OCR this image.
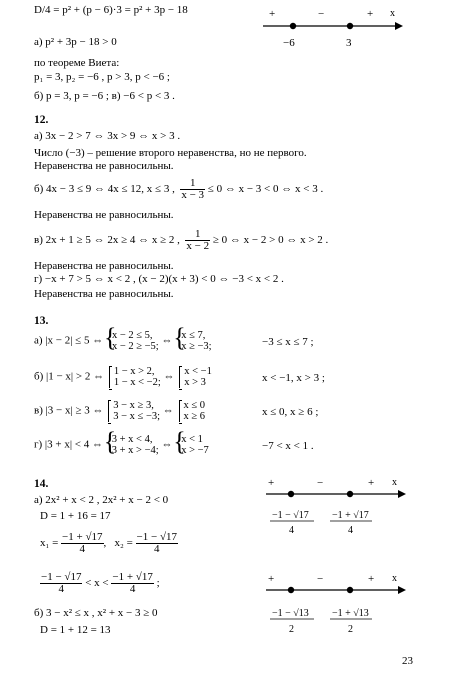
D/4 = p² + (p − 6)·3 = p² + 3p − 18
а) p² + 3p − 18 > 0
по теореме Виета:
p₁ = 3, p₂ = −6 , p > 3, p < −6 ;
б) p = 3, p = −6 ; в) −6 < p < 3 .
+	−	+ x
−6	3
12.
а) 3x − 2 > 7 ⇔ 3x > 9 ⇔ x > 3 .
Число (−3) – решение второго неравенства, но не первого.
Неравенства не равносильны.
б) 4x − 3 ≤ 9 ⇔ 4x ≤ 12, x ≤ 3 , $\frac{1}{x - 3} \le 0$ ⇔ x − 3 < 0 ⇔ x < 3 .
Неравенства не равносильны.
в) 2x + 1 ≥ 5 ⇔ 2x ≥ 4 ⇔ x ≥ 2 , $\frac{1}{x - 2} \ge 0$ ⇔ x − 2 > 0 ⇔ x > 2 .
Неравенства не равносильны.
г) −x + 7 > 5 ⇔ x < 2 , (x − 2)(x + 3) < 0 ⇔ −3 < x < 2 .
Неравенства не равносильны.
13.
а) |x − 2| ≤ 5 ⇔ { x − 2 ≤ 5,
x − 2 ≥ −5; ⇔ { x ≤ 7,
x ≥ −3;	−3 ≤ x ≤ 7 ;
б) |1 − x| > 2 ⇔ 1 − x > 2,
1 − x < −2; ⇔ x < −1
x > 3	x < −1, x > 3 ;
в) |3 − x| ≥ 3 ⇔ 3 − x ≥ 3,
3 − x ≤ −3; ⇔ x ≤ 0
x ≥ 6	x ≤ 0, x ≥ 6 ;
г) |3 + x| < 4 ⇔ { 3 + x < 4,
3 + x > −4; ⇔ { x < 1
x > −7	−7 < x < 1 .
14.
а) 2x² + x < 2 , 2x² + x − 2 < 0
D = 1 + 16 = 17
$x_1 = \frac{-1 + √17}{4}$ ,   $x_2 = \frac{-1 - √17}{4}$
$\frac{-1 - √17}{4} < x < \frac{-1 + √17}{4}$ ;
б) 3 − x² ≤ x , x² + x − 3 ≥ 0
D = 1 + 12 = 13
+	−	+ x
−1 − √17
4
−1 + √17
4
+	−	+ x
−1 − √13
2
−1 + √13
2
23
